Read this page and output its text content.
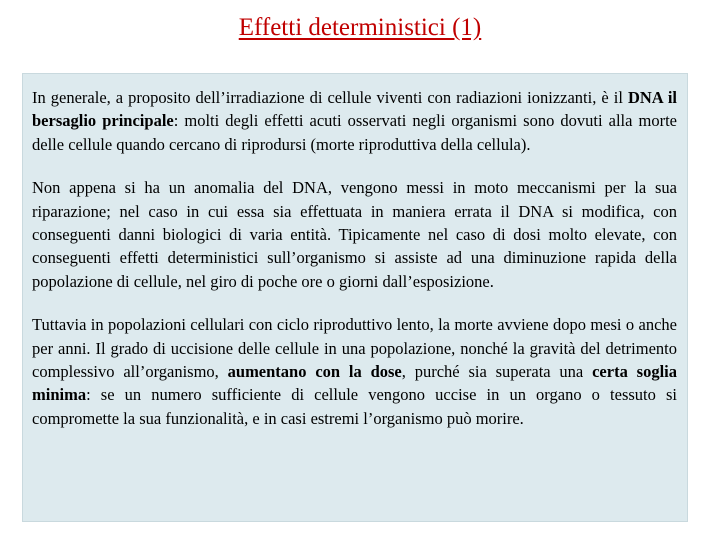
Effetti deterministici (1)

In generale, a proposito dell’irradiazione di cellule viventi con radiazioni ionizzanti, è il DNA il bersaglio principale: molti degli effetti acuti osservati negli organismi sono dovuti alla morte delle cellule quando cercano di riprodursi (morte riproduttiva della cellula).

Non appena si ha un anomalia del DNA, vengono messi in moto meccanismi per la sua riparazione; nel caso in cui essa sia effettuata in maniera errata il DNA si modifica, con conseguenti danni biologici di varia entità. Tipicamente nel caso di dosi molto elevate, con conseguenti effetti deterministici sull’organismo si assiste ad una diminuzione rapida della popolazione di cellule, nel giro di poche ore o giorni dall’esposizione.

Tuttavia in popolazioni cellulari con ciclo riproduttivo lento, la morte avviene dopo mesi o anche per anni. Il grado di uccisione delle cellule in una popolazione, nonché la gravità del detrimento complessivo all’organismo, aumentano con la dose, purché sia superata una certa soglia minima: se un numero sufficiente di cellule vengono uccise in un organo o tessuto si compromette la sua funzionalità, e in casi estremi l’organismo può morire.
